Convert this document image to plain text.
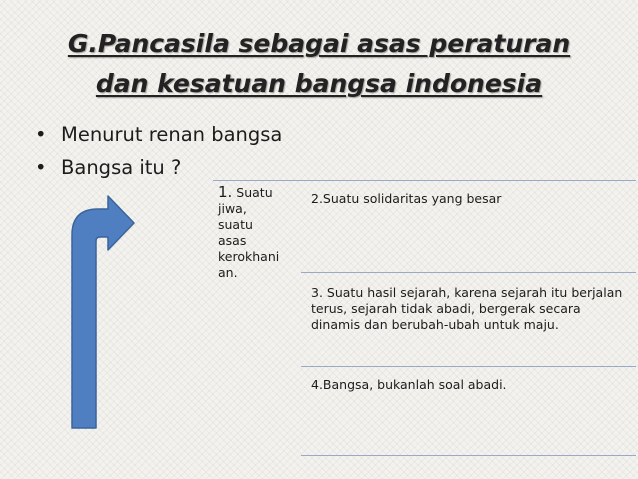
G.Pancasila sebagai asas peraturan
dan kesatuan bangsa indonesia
• Menurut renan bangsa
• Bangsa itu ?
1. Suatu
jiwa,
suatu
asas
kerokhani
an.
2.Suatu solidaritas yang besar
3. Suatu hasil sejarah, karena sejarah itu berjalan terus, sejarah tidak abadi, bergerak secara dinamis dan berubah-ubah untuk maju.
4.Bangsa, bukanlah soal abadi.
